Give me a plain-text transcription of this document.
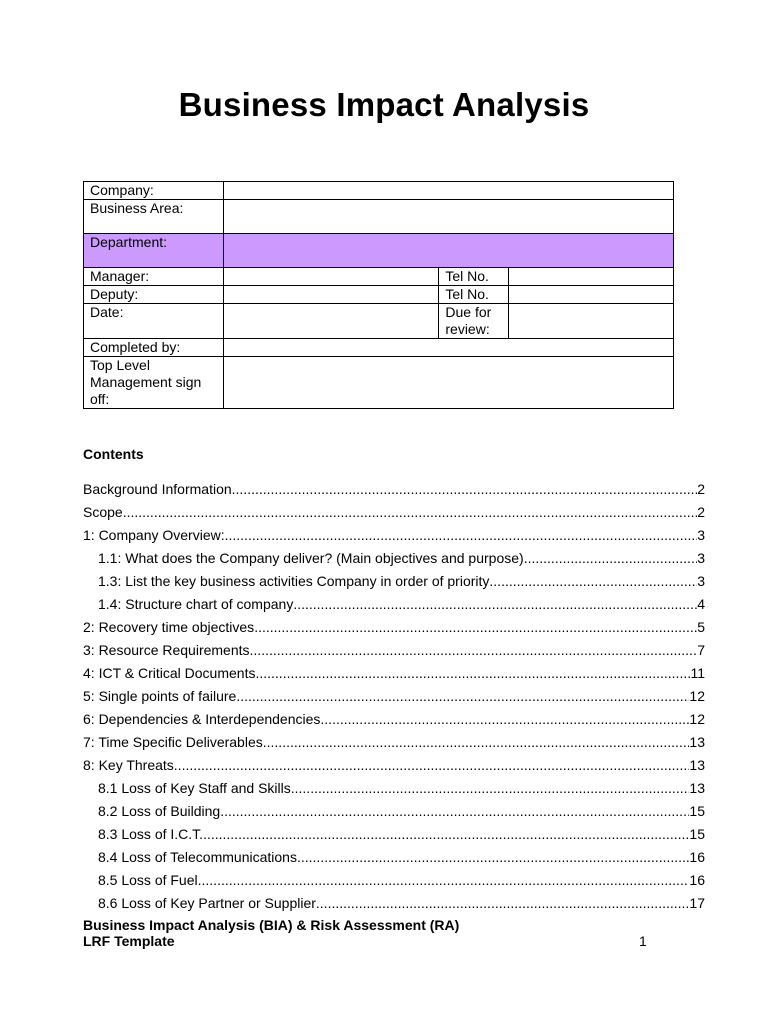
Business Impact Analysis
Company:			
Business Area:			
Department:			
Manager:		Tel No.	
Deputy:		Tel No.	
Date:		Due for review:	
Completed by:			
Top Level Management sign off:			
Contents
Background Information .....	2
Scope .....	2
1: Company Overview: .....	3
1.1: What does the Company deliver? (Main objectives and purpose) .....	3
1.3: List the key business activities Company in order of priority .....	3
1.4: Structure chart of company .....	4
2: Recovery time objectives .....	5
3: Resource Requirements .....	7
4: ICT & Critical Documents .....	11
5: Single points of failure .....	12
6: Dependencies & Interdependencies .....	12
7: Time Specific Deliverables .....	13
8: Key Threats .....	13
8.1 Loss of Key Staff and Skills .....	13
8.2 Loss of Building .....	15
8.3 Loss of I.C.T. .....	15
8.4 Loss of Telecommunications. .....	16
8.5 Loss of Fuel. .....	16
8.6 Loss of Key Partner or Supplier .....	17
Business Impact Analysis (BIA) & Risk Assessment (RA)
LRF Template	1
